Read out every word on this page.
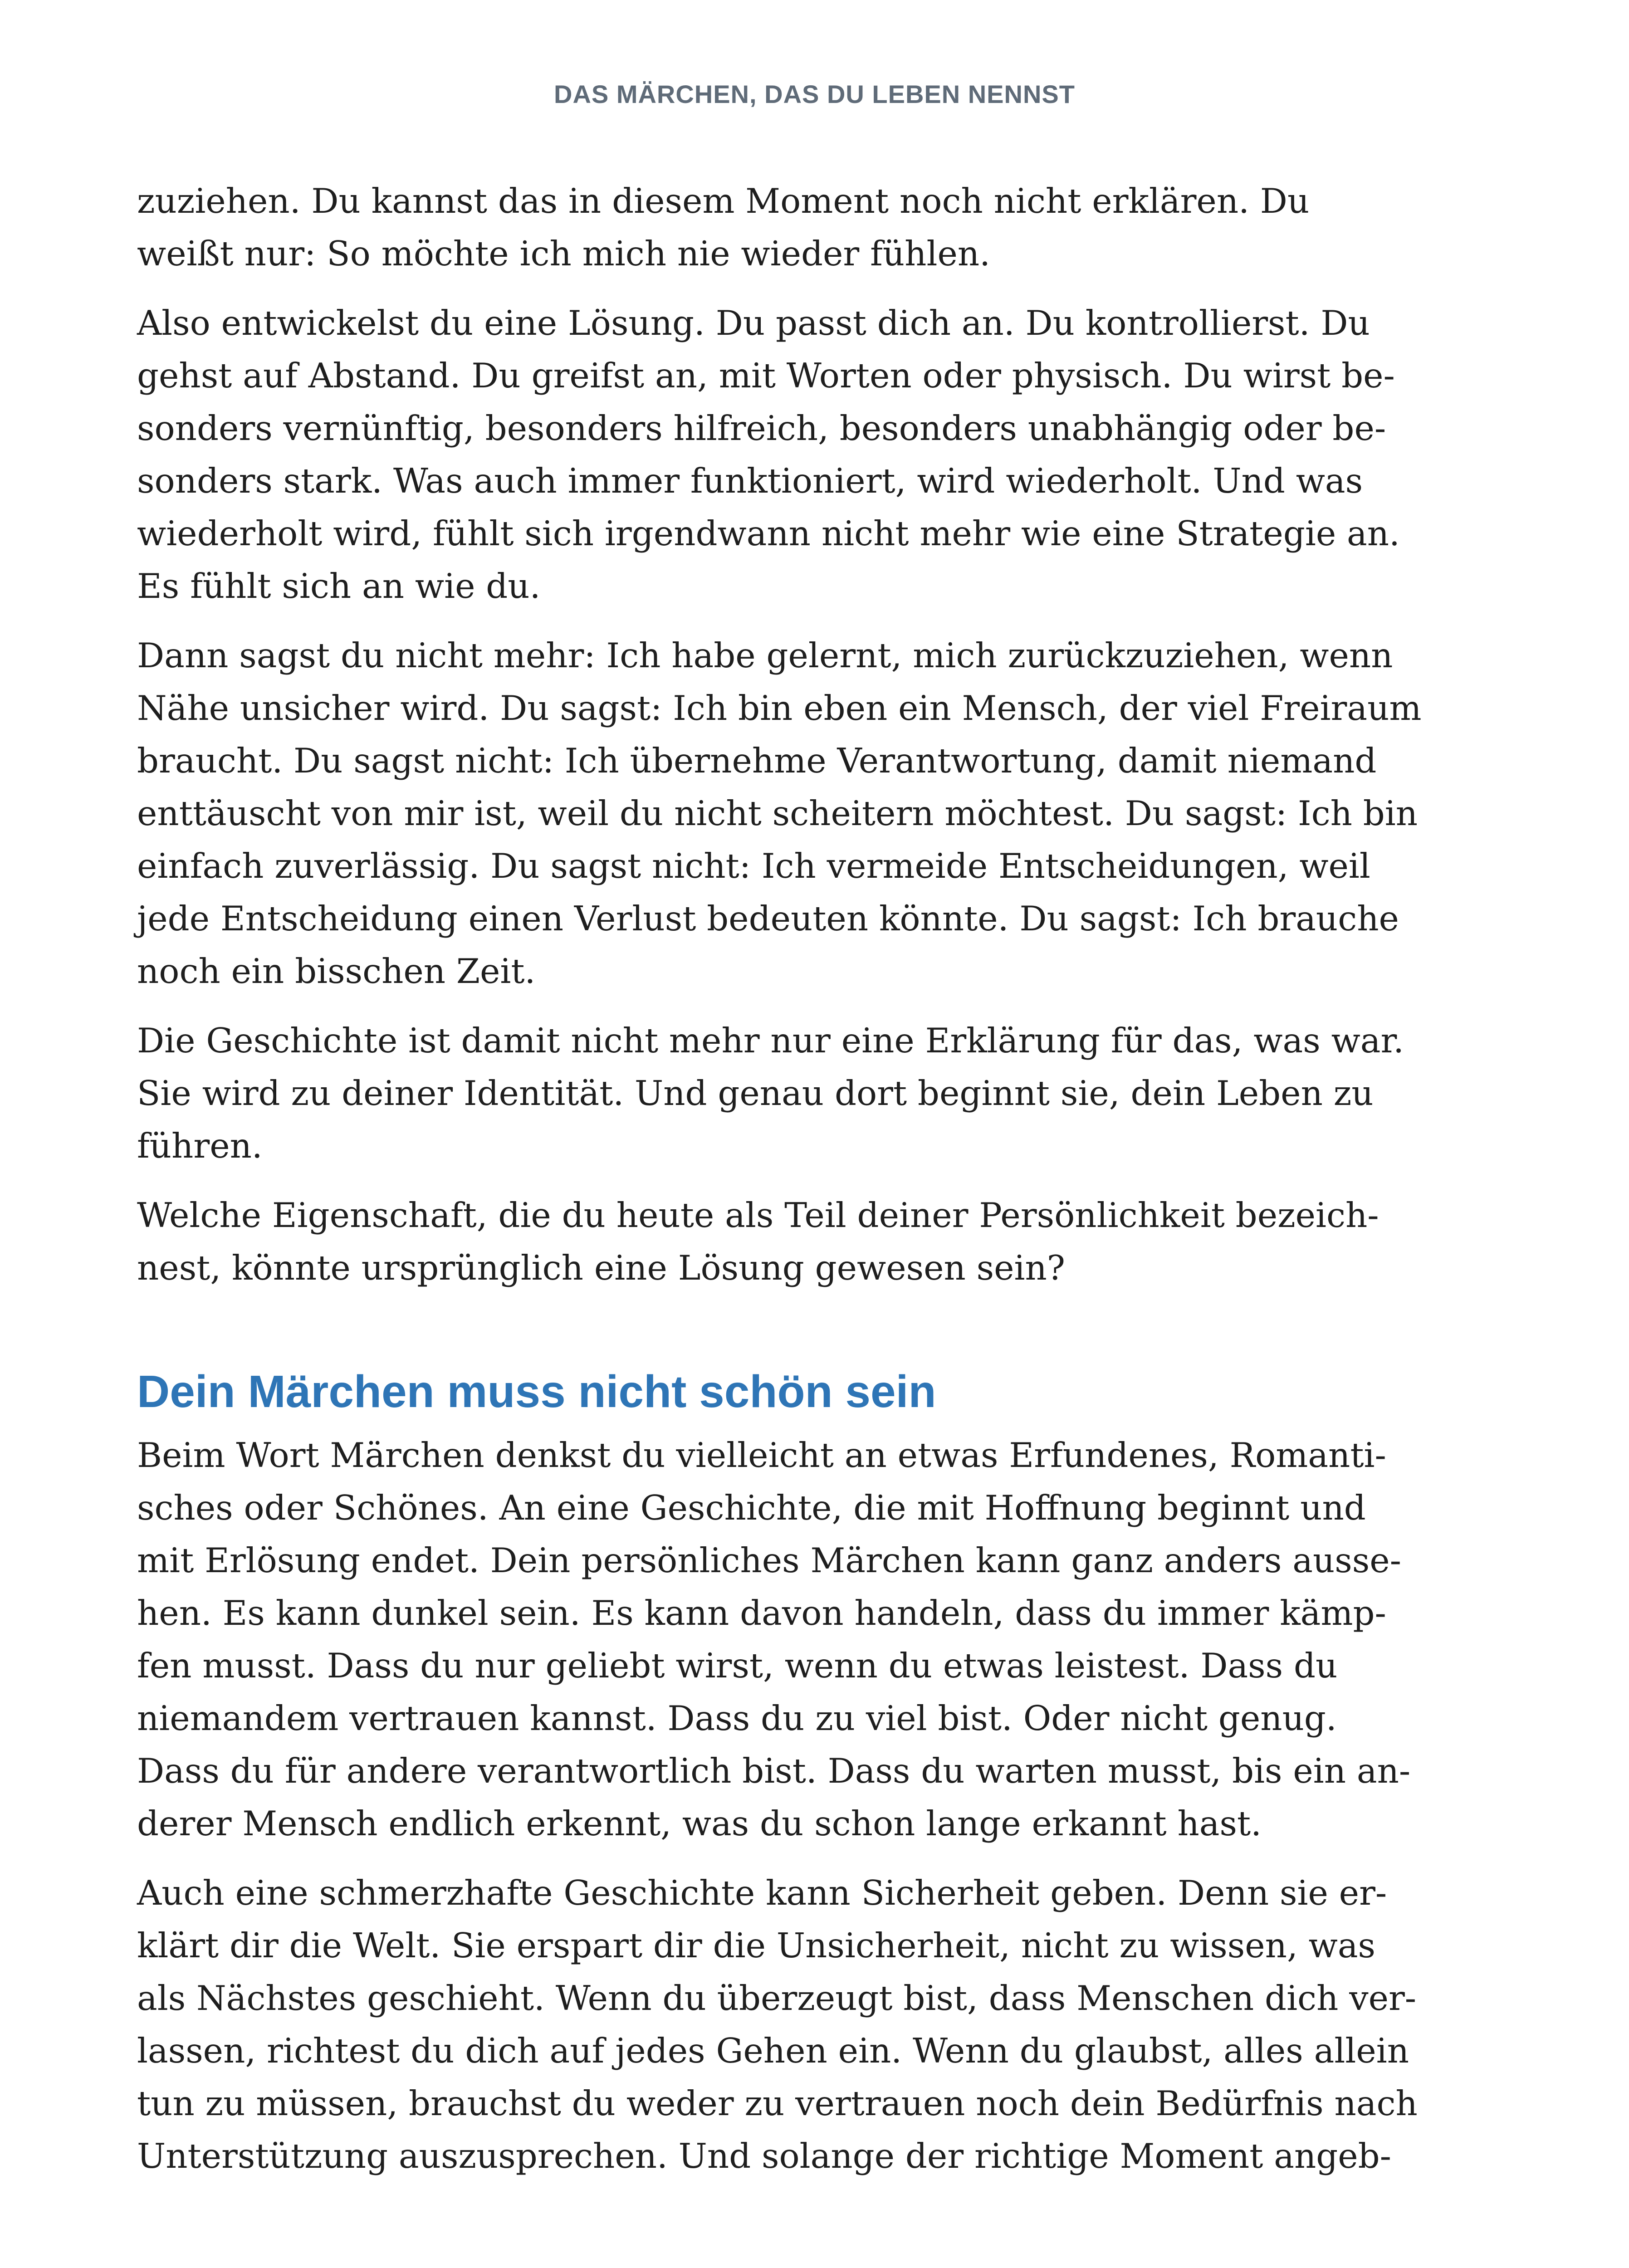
DAS MÄRCHEN, DAS DU LEBEN NENNST

zuziehen. Du kannst das in diesem Moment noch nicht erklären. Du
weißt nur: So möchte ich mich nie wieder fühlen.

Also entwickelst du eine Lösung. Du passt dich an. Du kontrollierst. Du
gehst auf Abstand. Du greifst an, mit Worten oder physisch. Du wirst be-
sonders vernünftig, besonders hilfreich, besonders unabhängig oder be-
sonders stark. Was auch immer funktioniert, wird wiederholt. Und was
wiederholt wird, fühlt sich irgendwann nicht mehr wie eine Strategie an.
Es fühlt sich an wie du.

Dann sagst du nicht mehr: Ich habe gelernt, mich zurückzuziehen, wenn
Nähe unsicher wird. Du sagst: Ich bin eben ein Mensch, der viel Freiraum
braucht. Du sagst nicht: Ich übernehme Verantwortung, damit niemand
enttäuscht von mir ist, weil du nicht scheitern möchtest. Du sagst: Ich bin
einfach zuverlässig. Du sagst nicht: Ich vermeide Entscheidungen, weil
jede Entscheidung einen Verlust bedeuten könnte. Du sagst: Ich brauche
noch ein bisschen Zeit.

Die Geschichte ist damit nicht mehr nur eine Erklärung für das, was war.
Sie wird zu deiner Identität. Und genau dort beginnt sie, dein Leben zu
führen.

Welche Eigenschaft, die du heute als Teil deiner Persönlichkeit bezeich-
nest, könnte ursprünglich eine Lösung gewesen sein?

Dein Märchen muss nicht schön sein

Beim Wort Märchen denkst du vielleicht an etwas Erfundenes, Romanti-
sches oder Schönes. An eine Geschichte, die mit Hoffnung beginnt und
mit Erlösung endet. Dein persönliches Märchen kann ganz anders ausse-
hen. Es kann dunkel sein. Es kann davon handeln, dass du immer kämp-
fen musst. Dass du nur geliebt wirst, wenn du etwas leistest. Dass du
niemandem vertrauen kannst. Dass du zu viel bist. Oder nicht genug.
Dass du für andere verantwortlich bist. Dass du warten musst, bis ein an-
derer Mensch endlich erkennt, was du schon lange erkannt hast.

Auch eine schmerzhafte Geschichte kann Sicherheit geben. Denn sie er-
klärt dir die Welt. Sie erspart dir die Unsicherheit, nicht zu wissen, was
als Nächstes geschieht. Wenn du überzeugt bist, dass Menschen dich ver-
lassen, richtest du dich auf jedes Gehen ein. Wenn du glaubst, alles allein
tun zu müssen, brauchst du weder zu vertrauen noch dein Bedürfnis nach
Unterstützung auszusprechen. Und solange der richtige Moment angeb-
